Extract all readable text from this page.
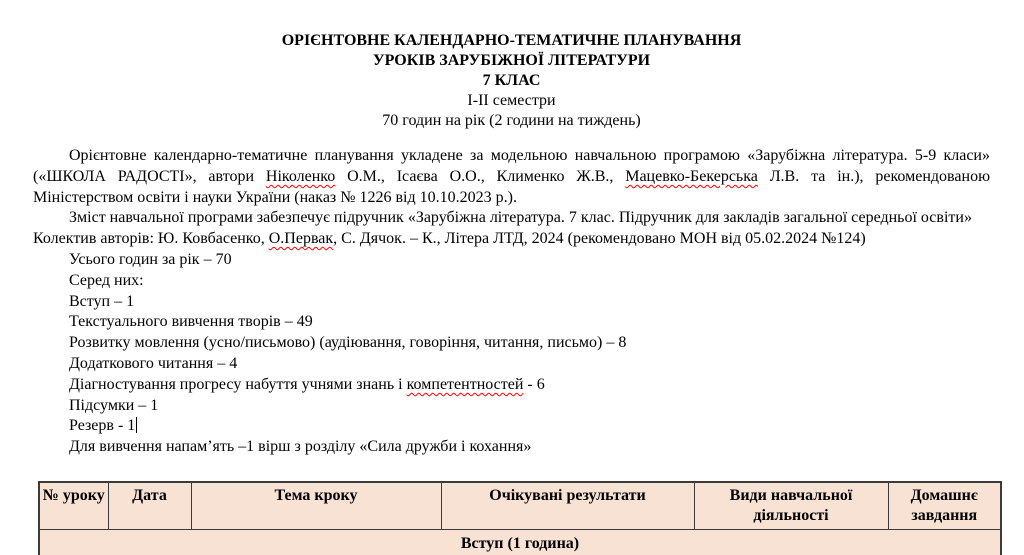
ОРІЄНТОВНЕ КАЛЕНДАРНО-ТЕМАТИЧНЕ ПЛАНУВАННЯ
УРОКІВ ЗАРУБІЖНОЇ ЛІТЕРАТУРИ
7 КЛАС
І-ІІ семестри
70 годин на рік (2 години на тиждень)

Орієнтовне календарно-тематичне планування укладене за модельною навчальною програмою «Зарубіжна література. 5-9 класи» («ШКОЛА РАДОСТІ», автори Ніколенко О.М., Ісаєва О.О., Клименко Ж.В., Мацевко-Бекерська Л.В. та ін.), рекомендованою Міністерством освіти і науки України (наказ № 1226 від 10.10.2023 р.).

Зміст навчальної програми забезпечує підручник «Зарубіжна література. 7 клас. Підручник для закладів загальної середньої освіти»

Колектив авторів: Ю. Ковбасенко, О.Первак, С. Дячок. – К., Літера ЛТД, 2024 (рекомендовано МОН від 05.02.2024 №124)

Усього годин за рік – 70

Серед них:

Вступ – 1

Текстуального вивчення творів – 49

Розвитку мовлення (усно/письмово) (аудіювання, говоріння, читання, письмо) – 8

Додаткового читання – 4

Діагностування прогресу набуття учнями знань і компетентностей - 6

Підсумки – 1

Резерв - 1

Для вивчення напам’ять –1 вірш з розділу «Сила дружби і кохання»

№ уроку	Дата	Тема кроку	Очікувані результати	Види навчальної діяльності	Домашнє завдання
Вступ (1 година)
